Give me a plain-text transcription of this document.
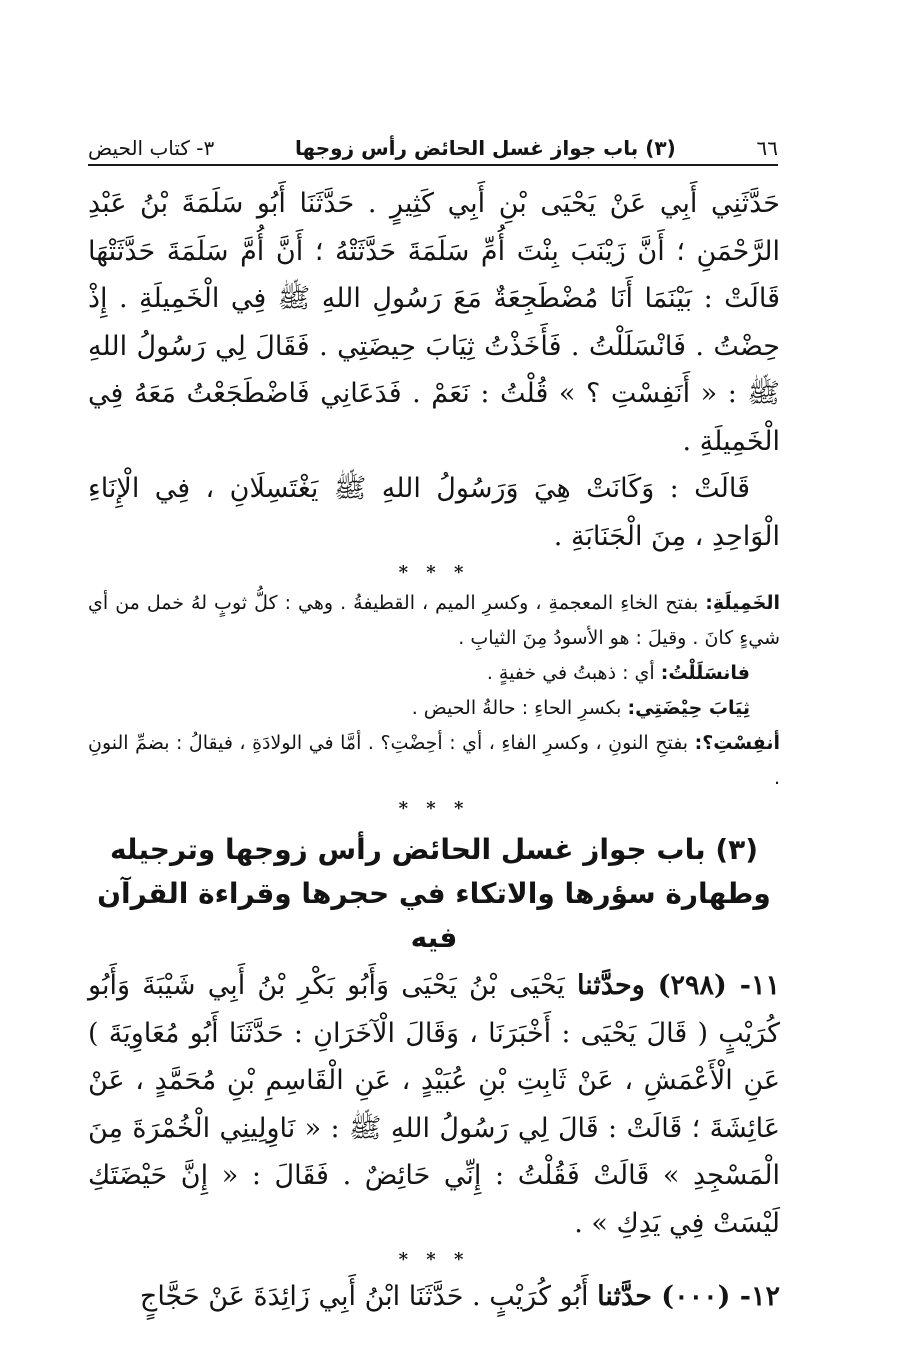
٦٦
(٣) باب جواز غسل الحائض رأس زوجها
٣- كتاب الحيض

حَدَّثَنِي أَبِي عَنْ يَحْيَى بْنِ أَبِي كَثِيرٍ . حَدَّثَنَا أَبُو سَلَمَةَ بْنُ عَبْدِ الرَّحْمَنِ ؛ أَنَّ زَيْنَبَ بِنْتَ أُمِّ سَلَمَةَ حَدَّثَتْهُ ؛ أَنَّ أُمَّ سَلَمَةَ حَدَّثَتْهَا قَالَتْ : بَيْنَمَا أَنَا مُضْطَجِعَةٌ مَعَ رَسُولِ اللهِ ﷺ فِي الْخَمِيلَةِ . إِذْ حِضْتُ . فَانْسَلَلْتُ . فَأَخَذْتُ ثِيَابَ حِيضَتِي . فَقَالَ لِي رَسُولُ اللهِ ﷺ : « أَنَفِسْتِ ؟ » قُلْتُ : نَعَمْ . فَدَعَانِي فَاضْطَجَعْتُ مَعَهُ فِي الْخَمِيلَةِ .

قَالَتْ : وَكَانَتْ هِيَ وَرَسُولُ اللهِ ﷺ يَغْتَسِلَانِ ، فِي الْإِنَاءِ الْوَاحِدِ ، مِنَ الْجَنَابَةِ .

* * *

الخَمِيلَةِ: بفتح الخاءِ المعجمةِ ، وكسرِ الميم ، القطيفةُ . وهي : كلُّ ثوبٍ لهُ خمل من أي شيءٍ كانَ . وقيلَ : هو الأسودُ مِنَ الثيابِ .

فانسَلَلْتُ: أي : ذهبتُ في خفيةٍ .

ثِيَابَ حِيْضَتِي: بكسرِ الحاءِ : حالةُ الحيض .

أنفِسْتِ؟: بفتحِ النونِ ، وكسرِ الفاءِ ، أي : أحِضْتِ؟ . أمَّا في الولادَةِ ، فيقالُ : بضمِّ النونِ .

* * *
(٣) باب جواز غسل الحائض رأس زوجها وترجيله وطهارة سؤرها والاتكاء في حجرها وقراءة القرآن فيه

١١- (٢٩٨) وحدَّثنا يَحْيَى بْنُ يَحْيَى وَأَبُو بَكْرِ بْنُ أَبِي شَيْبَةَ وَأَبُو كُرَيْبٍ ( قَالَ يَحْيَى : أَخْبَرَنَا ، وَقَالَ الْآخَرَانِ : حَدَّثَنَا أَبُو مُعَاوِيَةَ ) عَنِ الْأَعْمَشِ ، عَنْ ثَابِتِ بْنِ عُبَيْدٍ ، عَنِ الْقَاسِمِ بْنِ مُحَمَّدٍ ، عَنْ عَائِشَةَ ؛ قَالَتْ : قَالَ لِي رَسُولُ اللهِ ﷺ : « نَاوِلِينِي الْخُمْرَةَ مِنَ الْمَسْجِدِ » قَالَتْ فَقُلْتُ : إِنِّي حَائِضٌ . فَقَالَ : « إِنَّ حَيْضَتَكِ لَيْسَتْ فِي يَدِكِ » .

* * *

١٢- (٠٠٠) حدَّثنا أَبُو كُرَيْبٍ . حَدَّثَنَا ابْنُ أَبِي زَائِدَةَ عَنْ حَجَّاجٍ
